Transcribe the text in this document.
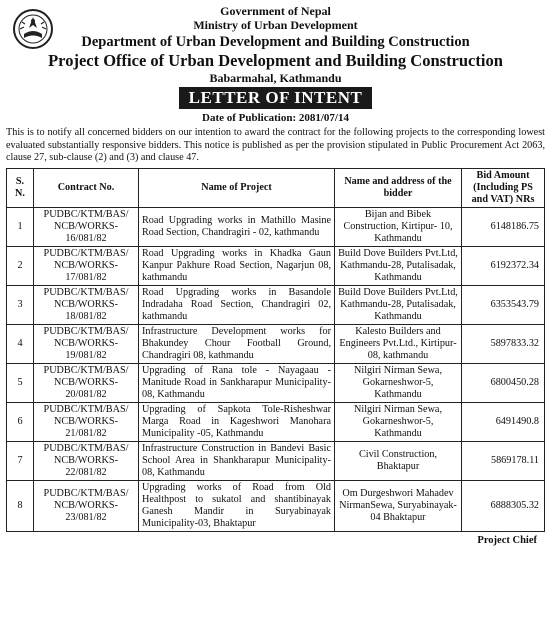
Government of Nepal
Ministry of Urban Development
Department of Urban Development and Building Construction
Project Office of Urban Development and Building Construction
Babarmahal, Kathmandu
LETTER OF INTENT
Date of Publication: 2081/07/14
This is to notify all concerned bidders on our intention to award the contract for the following projects to the corresponding lowest evaluated substantially responsive bidders. This notice is published as per the provision stipulated in Public Procurement Act 2063, clause 27, sub-clause (2) and (3) and clause 47.
S. N.	Contract No.	Name of Project	Name and address of the bidder	Bid Amount (Including PS and VAT) NRs
1	PUDBC/KTM/BAS/ NCB/WORKS- 16/081/82	Road Upgrading works in Mathillo Masine Road Section, Chandragiri - 02, kathmandu	Bijan and Bibek Construction, Kirtipur- 10, Kathmandu	6148186.75
2	PUDBC/KTM/BAS/ NCB/WORKS- 17/081/82	Road Upgrading works in Khadka Gaun Kanpur Pakhure Road Section, Nagarjun 08, kathmandu	Build Dove Builders Pvt.Ltd, Kathmandu-28, Putalisadak, Kathmandu	6192372.34
3	PUDBC/KTM/BAS/ NCB/WORKS- 18/081/82	Road Upgrading works in Basandole Indradaha Road Section, Chandragiri 02, kathmandu	Build Dove Builders Pvt.Ltd, Kathmandu-28, Putalisadak, Kathmandu	6353543.79
4	PUDBC/KTM/BAS/ NCB/WORKS- 19/081/82	Infrastructure Development works for Bhakundey Chour Football Ground, Chandragiri 08, kathmandu	Kalesto Builders and Engineers Pvt.Ltd., Kirtipur-08, kathmandu	5897833.32
5	PUDBC/KTM/BAS/ NCB/WORKS- 20/081/82	Upgrading of Rana tole - Nayagaau - Manitude Road in Sankharapur Municipality-08, Kathmandu	Nilgiri Nirman Sewa, Gokarneshwor-5, Kathmandu	6800450.28
6	PUDBC/KTM/BAS/ NCB/WORKS- 21/081/82	Upgrading of Sapkota Tole-Risheshwar Marga Road in Kageshwori Manohara Municipality -05, Kathmandu	Nilgiri Nirman Sewa, Gokarneshwor-5, Kathmandu	6491490.8
7	PUDBC/KTM/BAS/ NCB/WORKS- 22/081/82	Infrastructure Construction in Bandevi Basic School Area in Shankharapur Municipality-08, Kathmandu	Civil Construction, Bhaktapur	5869178.11
8	PUDBC/KTM/BAS/ NCB/WORKS- 23/081/82	Upgrading works of Road from Old Healthpost to sukatol and shantibinayak Ganesh Mandir in Suryabinayak Municipality-03, Bhaktapur	Om Durgeshwori Mahadev NirmanSewa, Suryabinayak-04 Bhaktapur	6888305.32
Project Chief
